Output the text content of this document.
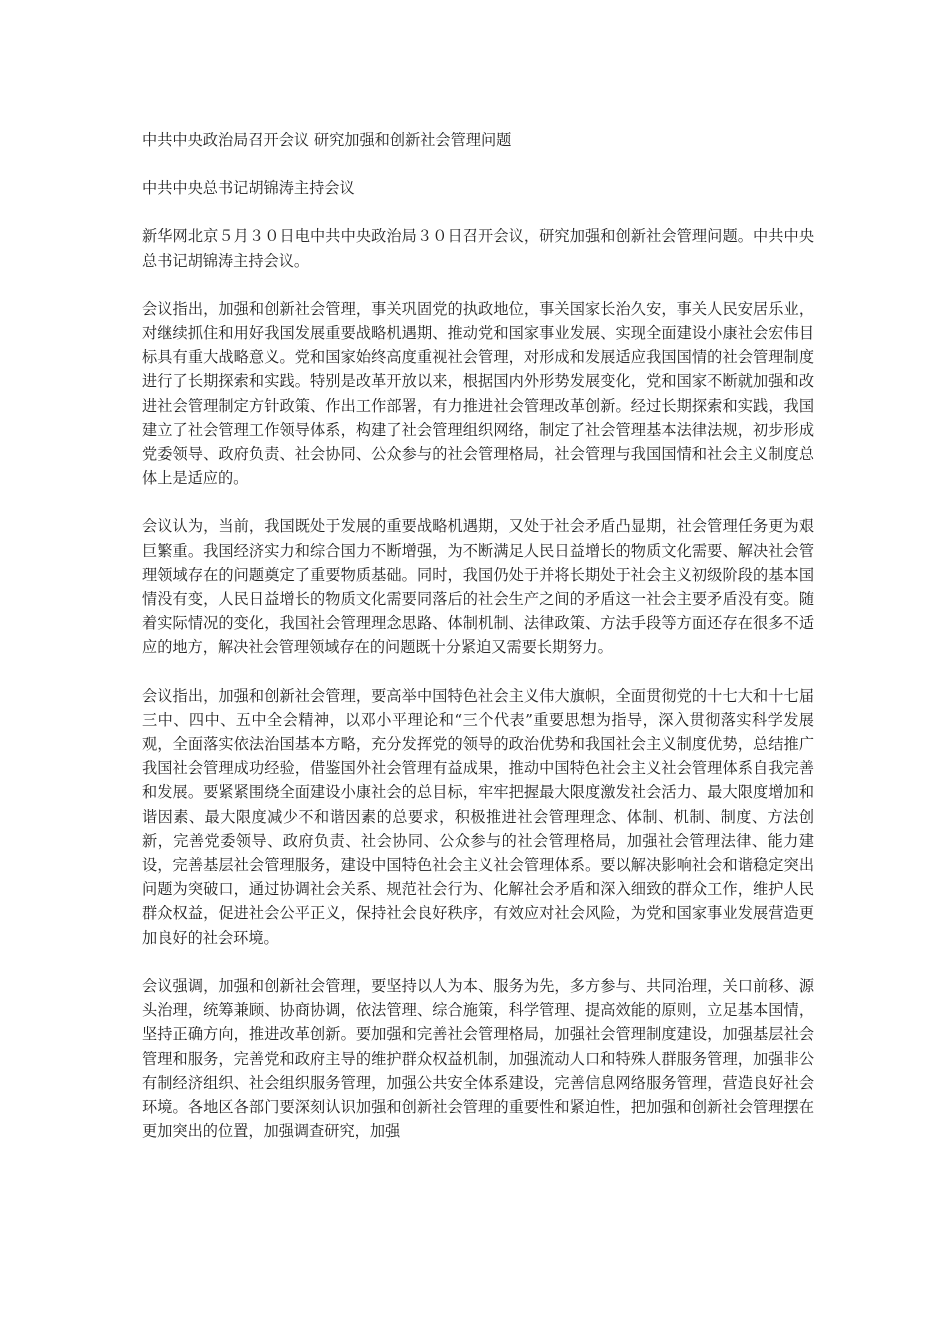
中共中央政治局召开会议 研究加强和创新社会管理问题
中共中央总书记胡锦涛主持会议

新华网北京５月３０日电中共中央政治局３０日召开会议，研究加强和创新社会管理问题。中共中央总书记胡锦涛主持会议。

会议指出，加强和创新社会管理，事关巩固党的执政地位，事关国家长治久安，事关人民安居乐业，对继续抓住和用好我国发展重要战略机遇期、推动党和国家事业发展、实现全面建设小康社会宏伟目标具有重大战略意义。党和国家始终高度重视社会管理，对形成和发展适应我国国情的社会管理制度进行了长期探索和实践。特别是改革开放以来，根据国内外形势发展变化，党和国家不断就加强和改进社会管理制定方针政策、作出工作部署，有力推进社会管理改革创新。经过长期探索和实践，我国建立了社会管理工作领导体系，构建了社会管理组织网络，制定了社会管理基本法律法规，初步形成党委领导、政府负责、社会协同、公众参与的社会管理格局，社会管理与我国国情和社会主义制度总体上是适应的。

会议认为，当前，我国既处于发展的重要战略机遇期，又处于社会矛盾凸显期，社会管理任务更为艰巨繁重。我国经济实力和综合国力不断增强，为不断满足人民日益增长的物质文化需要、解决社会管理领域存在的问题奠定了重要物质基础。同时，我国仍处于并将长期处于社会主义初级阶段的基本国情没有变，人民日益增长的物质文化需要同落后的社会生产之间的矛盾这一社会主要矛盾没有变。随着实际情况的变化，我国社会管理理念思路、体制机制、法律政策、方法手段等方面还存在很多不适应的地方，解决社会管理领域存在的问题既十分紧迫又需要长期努力。

会议指出，加强和创新社会管理，要高举中国特色社会主义伟大旗帜，全面贯彻党的十七大和十七届三中、四中、五中全会精神，以邓小平理论和“三个代表”重要思想为指导，深入贯彻落实科学发展观，全面落实依法治国基本方略，充分发挥党的领导的政治优势和我国社会主义制度优势，总结推广我国社会管理成功经验，借鉴国外社会管理有益成果，推动中国特色社会主义社会管理体系自我完善和发展。要紧紧围绕全面建设小康社会的总目标，牢牢把握最大限度激发社会活力、最大限度增加和谐因素、最大限度减少不和谐因素的总要求，积极推进社会管理理念、体制、机制、制度、方法创新，完善党委领导、政府负责、社会协同、公众参与的社会管理格局，加强社会管理法律、能力建设，完善基层社会管理服务，建设中国特色社会主义社会管理体系。要以解决影响社会和谐稳定突出问题为突破口，通过协调社会关系、规范社会行为、化解社会矛盾和深入细致的群众工作，维护人民群众权益，促进社会公平正义，保持社会良好秩序，有效应对社会风险，为党和国家事业发展营造更加良好的社会环境。

会议强调，加强和创新社会管理，要坚持以人为本、服务为先，多方参与、共同治理，关口前移、源头治理，统筹兼顾、协商协调，依法管理、综合施策，科学管理、提高效能的原则，立足基本国情，坚持正确方向，推进改革创新。要加强和完善社会管理格局，加强社会管理制度建设，加强基层社会管理和服务，完善党和政府主导的维护群众权益机制，加强流动人口和特殊人群服务管理，加强非公有制经济组织、社会组织服务管理，加强公共安全体系建设，完善信息网络服务管理，营造良好社会环境。各地区各部门要深刻认识加强和创新社会管理的重要性和紧迫性，把加强和创新社会管理摆在更加突出的位置，加强调查研究，加强
